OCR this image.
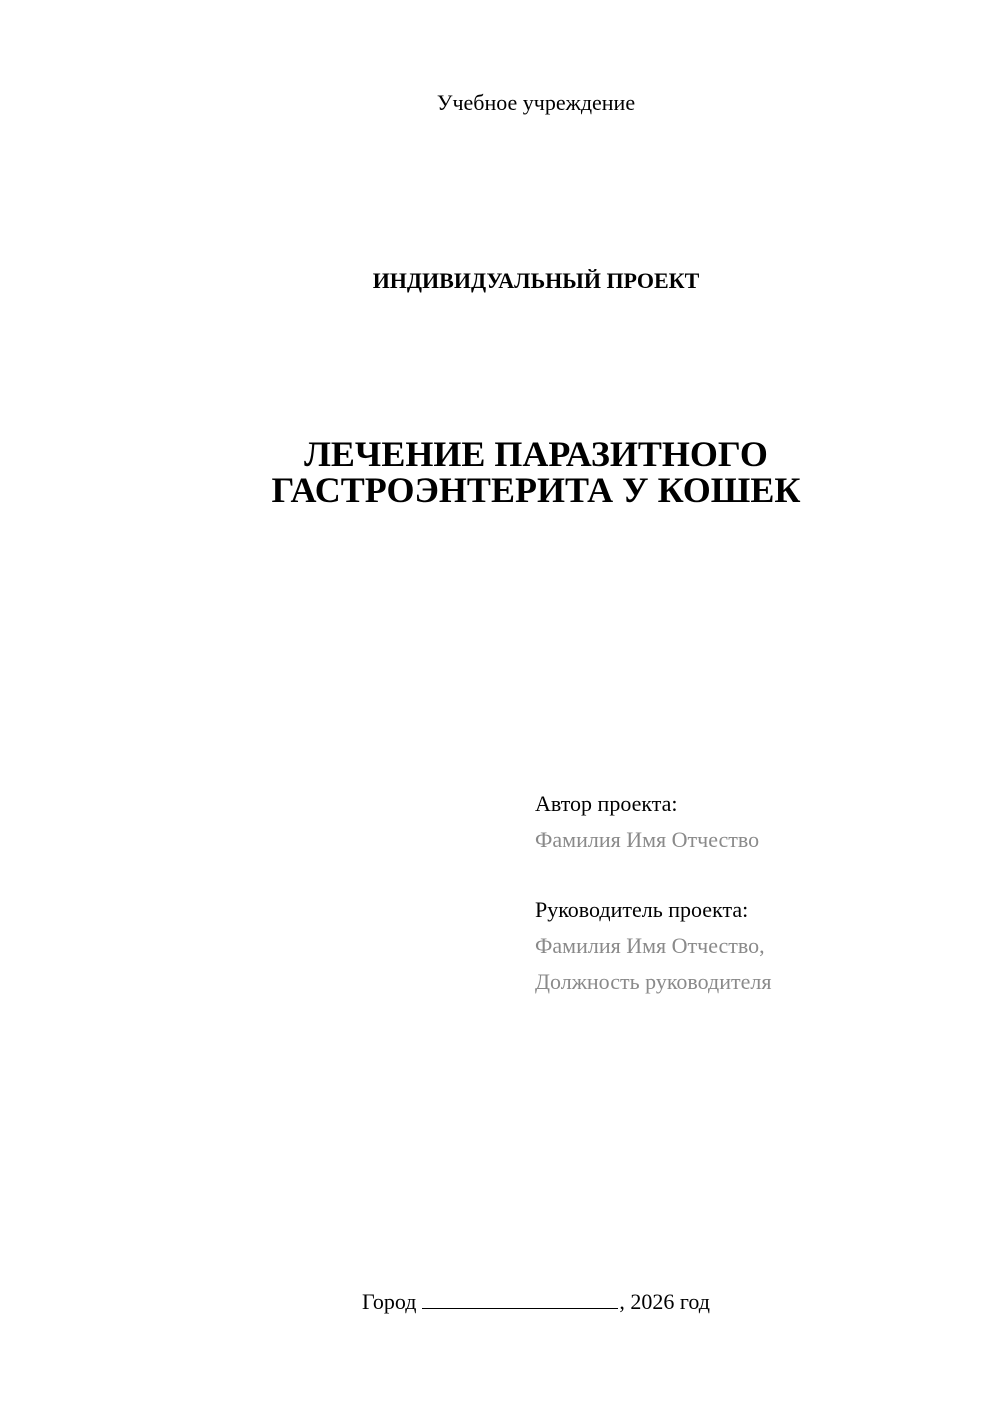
Учебное учреждение
ИНДИВИДУАЛЬНЫЙ ПРОЕКТ
ЛЕЧЕНИЕ ПАРАЗИТНОГО
ГАСТРОЭНТЕРИТА У КОШЕК
Автор проекта:
Фамилия Имя Отчество
Руководитель проекта:
Фамилия Имя Отчество,
Должность руководителя
Город	, 2026 год
